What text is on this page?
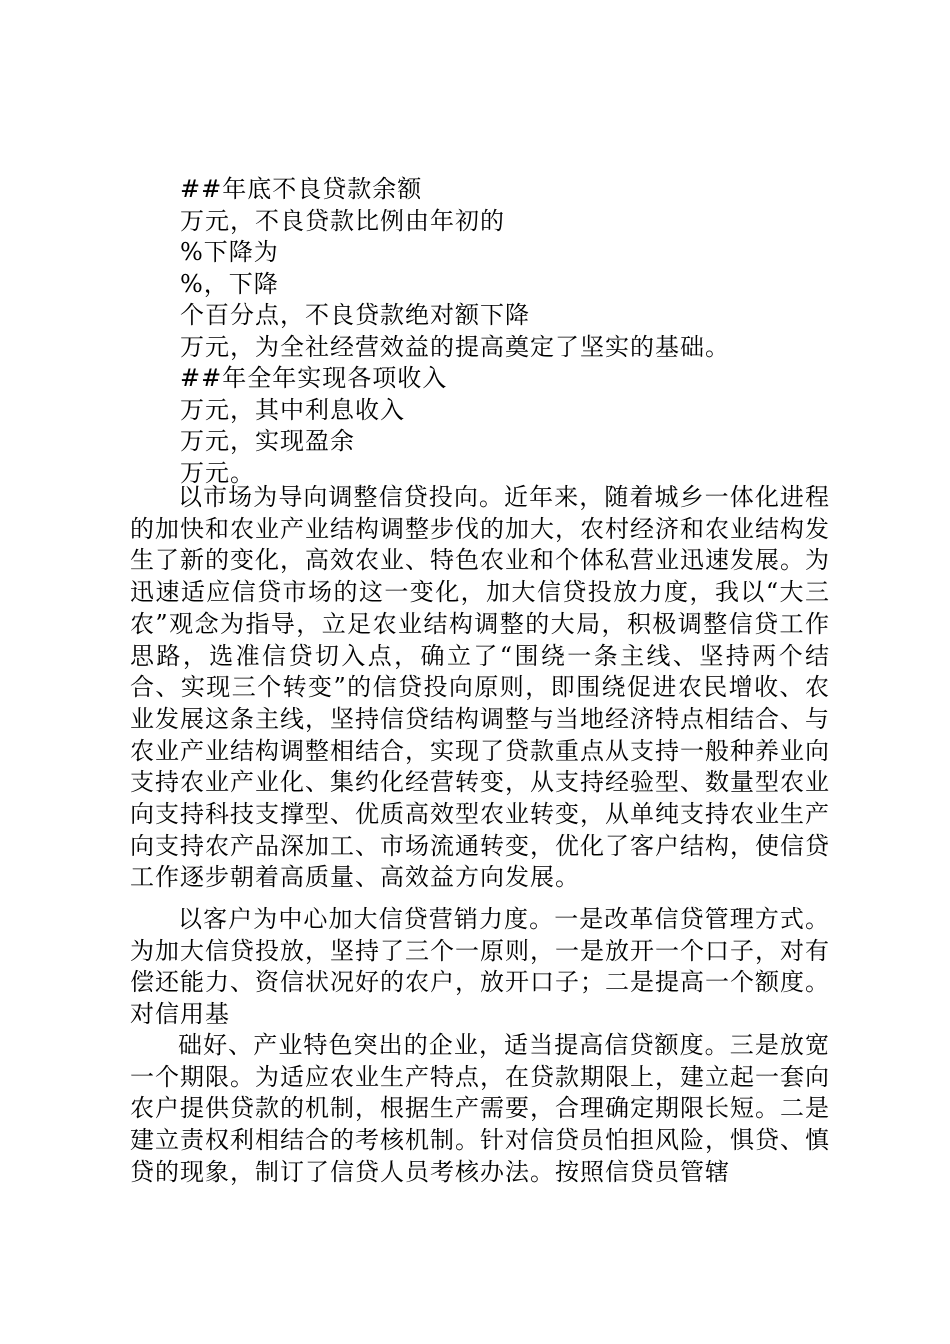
##年底不良贷款余额
万元，不良贷款比例由年初的
%下降为
%，下降
个百分点，不良贷款绝对额下降
万元，为全社经营效益的提高奠定了坚实的基础。
##年全年实现各项收入
万元，其中利息收入
万元，实现盈余
万元。

以市场为导向调整信贷投向。近年来，随着城乡一体化进程的加快和农业产业结构调整步伐的加大，农村经济和农业结构发生了新的变化，高效农业、特色农业和个体私营业迅速发展。为迅速适应信贷市场的这一变化，加大信贷投放力度，我以“大三农”观念为指导，立足农业结构调整的大局，积极调整信贷工作思路，选准信贷切入点，确立了“围绕一条主线、坚持两个结合、实现三个转变”的信贷投向原则，即围绕促进农民增收、农业发展这条主线，坚持信贷结构调整与当地经济特点相结合、与农业产业结构调整相结合，实现了贷款重点从支持一般种养业向支持农业产业化、集约化经营转变，从支持经验型、数量型农业向支持科技支撑型、优质高效型农业转变，从单纯支持农业生产向支持农产品深加工、市场流通转变，优化了客户结构，使信贷工作逐步朝着高质量、高效益方向发展。

以客户为中心加大信贷营销力度。一是改革信贷管理方式。为加大信贷投放，坚持了三个一原则，一是放开一个口子，对有偿还能力、资信状况好的农户，放开口子；二是提高一个额度。对信用基

础好、产业特色突出的企业，适当提高信贷额度。三是放宽一个期限。为适应农业生产特点，在贷款期限上，建立起一套向农户提供贷款的机制，根据生产需要，合理确定期限长短。二是建立责权利相结合的考核机制。针对信贷员怕担风险，惧贷、慎贷的现象，制订了信贷人员考核办法。按照信贷员管辖
